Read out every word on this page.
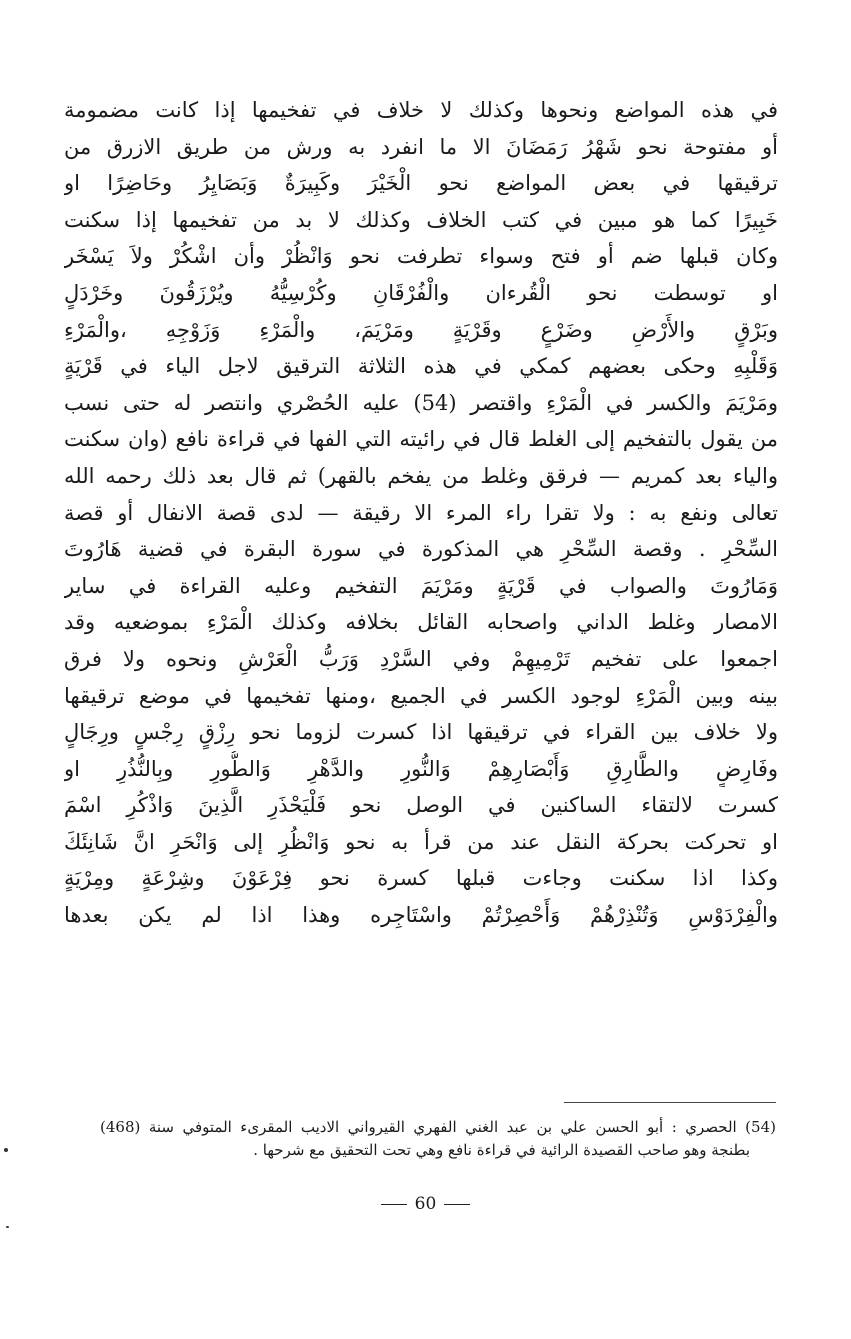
في هذه المواضع ونحوها وكذلك لا خلاف في تفخيمها إذا كانت مضمومة
أو مفتوحة نحو شَهْرُ رَمَضَانَ الا ما انفرد به ورش من طريق الازرق من
ترقيقها في بعض المواضع نحو الْخَيْرَ وكَبِيرَةٌ وَبَصَايِرُ وحَاضِرًا او
خَبِيرًا كما هو مبين في كتب الخلاف وكذلك لا بد من تفخيمها إذا سكنت
وكان قبلها ضم أو فتح وسواء تطرفت نحو وَانْظُرْ وأن اشْكُرْ ولاَ يَسْخَر
او توسطت نحو الْقُرءان والْفُرْقَانِ وكُرْسِيُّهُ ويُرْزَقُونَ وخَرْدَلٍ
وبَرْقٍ والأَرْضِ وضَرْعٍ وقَرْيَةٍ ومَرْيَمَ، والْمَرْءِ وَزَوْجِهِ ،والْمَرْءِ
وَقَلْبِهِ وحكى بعضهم كمكي في هذه الثلاثة الترقيق لاجل الياء في قَرْيَةٍ
ومَرْيَمَ والكسر في الْمَرْءِ واقتصر (54) عليه الحُصْري وانتصر له حتى نسب
من يقول بالتفخيم إلى الغلط قال في رائيته التي الفها في قراءة نافع (وان سكنت
والياء بعد كمريم — فرقق وغلط من يفخم بالقهر) ثم قال بعد ذلك رحمه الله
تعالى ونفع به : ولا تقرا راء المرء الا رقيقة — لدى قصة الانفال أو قصة
السِّحْرِ . وقصة السِّحْرِ هي المذكورة في سورة البقرة في قضية هَارُوتَ
وَمَارُوتَ والصواب في قَرْيَةٍ ومَرْيَمَ التفخيم وعليه القراءة في ساير
الامصار وغلط الداني واصحابه القائل بخلافه وكذلك الْمَرْءِ بموضعيه وقد
اجمعوا على تفخيم تَرْمِيهِمْ وفي السَّرْدِ وَرَبُّ الْعَرْشِ ونحوه ولا فرق
بينه وبين الْمَرْءِ لوجود الكسر في الجميع ،ومنها تفخيمها في موضع ترقيقها
ولا خلاف بين القراء في ترقيقها اذا كسرت لزوما نحو رِزْقٍ رِجْسٍ ورِجَالٍ
وفَارِضٍ والطَّارِقِ وَأَبْصَارِهِمْ وَالنُّورِ والدَّهْرِ وَالطُّورِ وبِالنُّذُرِ او
كسرت لالتقاء الساكنين في الوصل نحو فَلْيَحْذَرِ الَّذِينَ وَاذْكُرِ اسْمَ
او تحركت بحركة النقل عند من قرأ به نحو وَانْظُرِ إلى وَانْحَرِ انَّ شَانِئَكَ
وكذا اذا سكنت وجاءت قبلها كسرة نحو فِرْعَوْنَ وشِرْعَةٍ ومِرْيَةٍ
والْفِرْدَوْسِ وَتُنْذِرْهُمْ وَأَحْصِرْتُمْ واسْتَاجِره وهذا اذا لم يكن بعدها
(54) الحصري : أبو الحسن علي بن عبد الغني الفهري القيرواني الاديب المقرىء المتوفي سنة (468)
بطنجة وهو صاحب القصيدة الرائية في قراءة نافع وهي تحت التحقيق مع شرحها .
60
